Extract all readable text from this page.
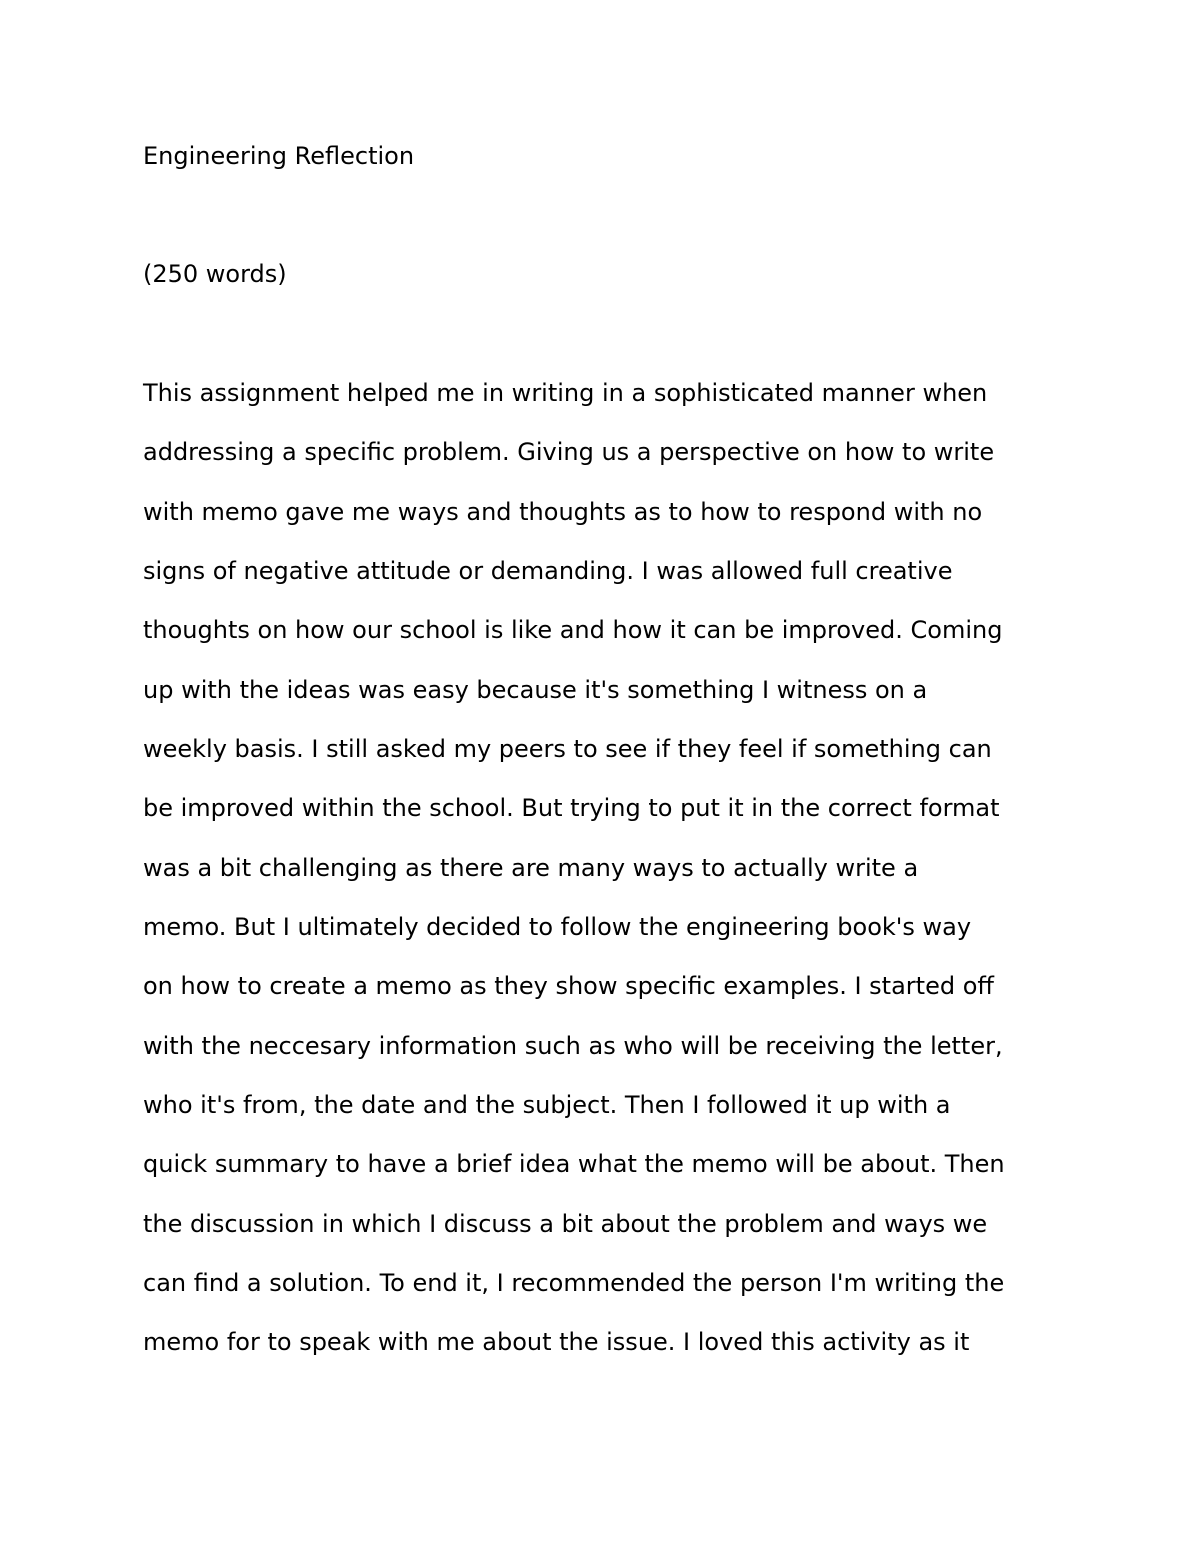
Engineering Reflection

(250 words)

This assignment helped me in writing in a sophisticated manner when

addressing a specific problem. Giving us a perspective on how to write

with memo gave me ways and thoughts as to how to respond with no

signs of negative attitude or demanding. I was allowed full creative

thoughts on how our school is like and how it can be improved. Coming

up with the ideas was easy because it's something I witness on a

weekly basis. I still asked my peers to see if they feel if something can

be improved within the school. But trying to put it in the correct format

was a bit challenging as there are many ways to actually write a

memo. But I ultimately decided to follow the engineering book's way

on how to create a memo as they show specific examples. I started off

with the neccesary information such as who will be receiving the letter,

who it's from, the date and the subject. Then I followed it up with a

quick summary to have a brief idea what the memo will be about. Then

the discussion in which I discuss a bit about the problem and ways we

can find a solution. To end it, I recommended the person I'm writing the

memo for to speak with me about the issue. I loved this activity as it
